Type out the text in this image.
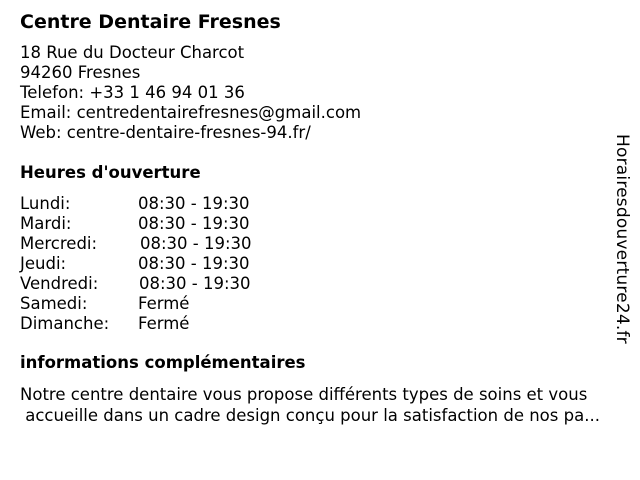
Centre Dentaire Fresnes
18 Rue du Docteur Charcot
94260 Fresnes
Telefon: +33 1 46 94 01 36
Email: centredentairefresnes@gmail.com
Web: centre-dentaire-fresnes-94.fr/
Heures d'ouverture
Lundi:	08:30 - 19:30
Mardi:	08:30 - 19:30
Mercredi:	08:30 - 19:30
Jeudi:	08:30 - 19:30
Vendredi: 08:30 - 19:30
Samedi:	Fermé
Dimanche: Fermé
informations complémentaires
Notre centre dentaire vous propose différents types de soins et vous
accueille dans un cadre design conçu pour la satisfaction de nos pa...
Horairesdouverture24.fr
